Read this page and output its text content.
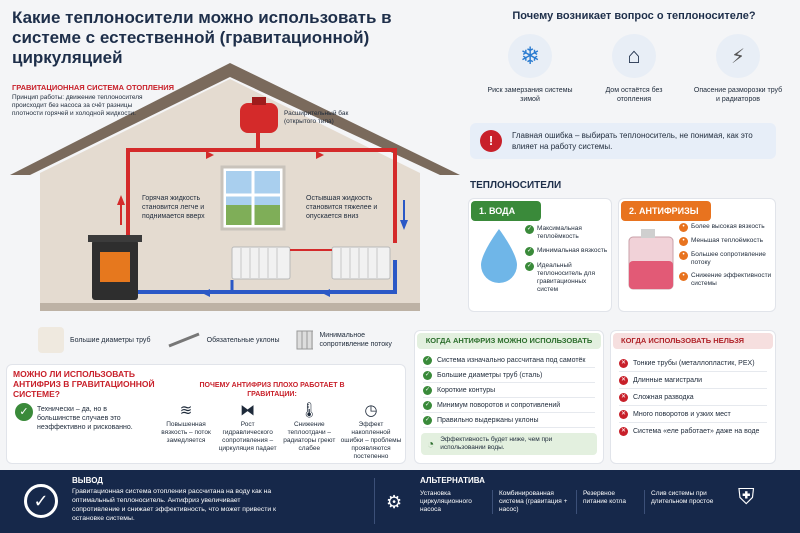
Какие теплоносители можно использовать в системе с естественной (гравитационной) циркуляцией
ГРАВИТАЦИОННАЯ СИСТЕМА ОТОПЛЕНИЯ
Принцип работы: движение теплоносителя происходит без насоса за счёт разницы плотности горячей и холодной жидкости.	Расширительный бак (открытого типа)
Горячая жидкость становится легче и поднимается вверх
Остывшая жидкость становится тяжелее и опускается вниз
Большие диаметры труб	Обязательные уклоны
Минимальное сопротивление потоку
МОЖНО ЛИ ИСПОЛЬЗОВАТЬ АНТИФРИЗ В ГРАВИТАЦИОННОЙ СИСТЕМЕ?
✓	Технически – да, но в большинстве случаев это неэффективно и рискованно.
ПОЧЕМУ АНТИФРИЗ ПЛОХО РАБОТАЕТ В ГРАВИТАЦИИ:
≋
Повышенная вязкость – поток замедляется
⧓
Рост гидравлического сопротивления – циркуляция падает
🌡
Снижение теплоотдачи – радиаторы греют слабее
◷
Эффект накопленной ошибки – проблемы проявляются постепенно
Почему возникает вопрос о теплоносителе?
❄
Риск замерзания системы зимой
⌂
Дом остаётся без отопления
⚡
Опасение разморозки труб и радиаторов
!	Главная ошибка – выбирать теплоноситель, не понимая, как это влияет на работу системы.
ТЕПЛОНОСИТЕЛИ
1. ВОДА
✓ Максимальная теплоёмкость
✓ Минимальная вязкость
✓ Идеальный теплоноситель для гравитационных систем
2. АНТИФРИЗЫ
• Более высокая вязкость
• Меньшая теплоёмкость
• Большее сопротивление потоку
• Снижение эффективности системы
КОГДА АНТИФРИЗ МОЖНО ИСПОЛЬЗОВАТЬ
✓ Система изначально рассчитана под самотёк
✓ Большие диаметры труб (сталь)
✓ Короткие контуры
✓ Минимум поворотов и сопротивлений
✓ Правильно выдержаны уклоны
◔ Эффективность будет ниже, чем при использовании воды.
КОГДА ИСПОЛЬЗОВАТЬ НЕЛЬЗЯ
✕ Тонкие трубы (металлопластик, PEX)
✕ Длинные магистрали
✕ Сложная разводка
✕ Много поворотов и узких мест
✕ Система «еле работает» даже на воде
✓
ВЫВОД
Гравитационная система отопления рассчитана на воду как на оптимальный теплоноситель. Антифриз увеличивает сопротивление и снижает эффективность, что может привести к остановке системы.
АЛЬТЕРНАТИВА
⚙	Установка циркуляционного насоса
Комбинированная система (гравитация + насос)
Резервное питание котла
Слив системы при длительном простое	⛨
